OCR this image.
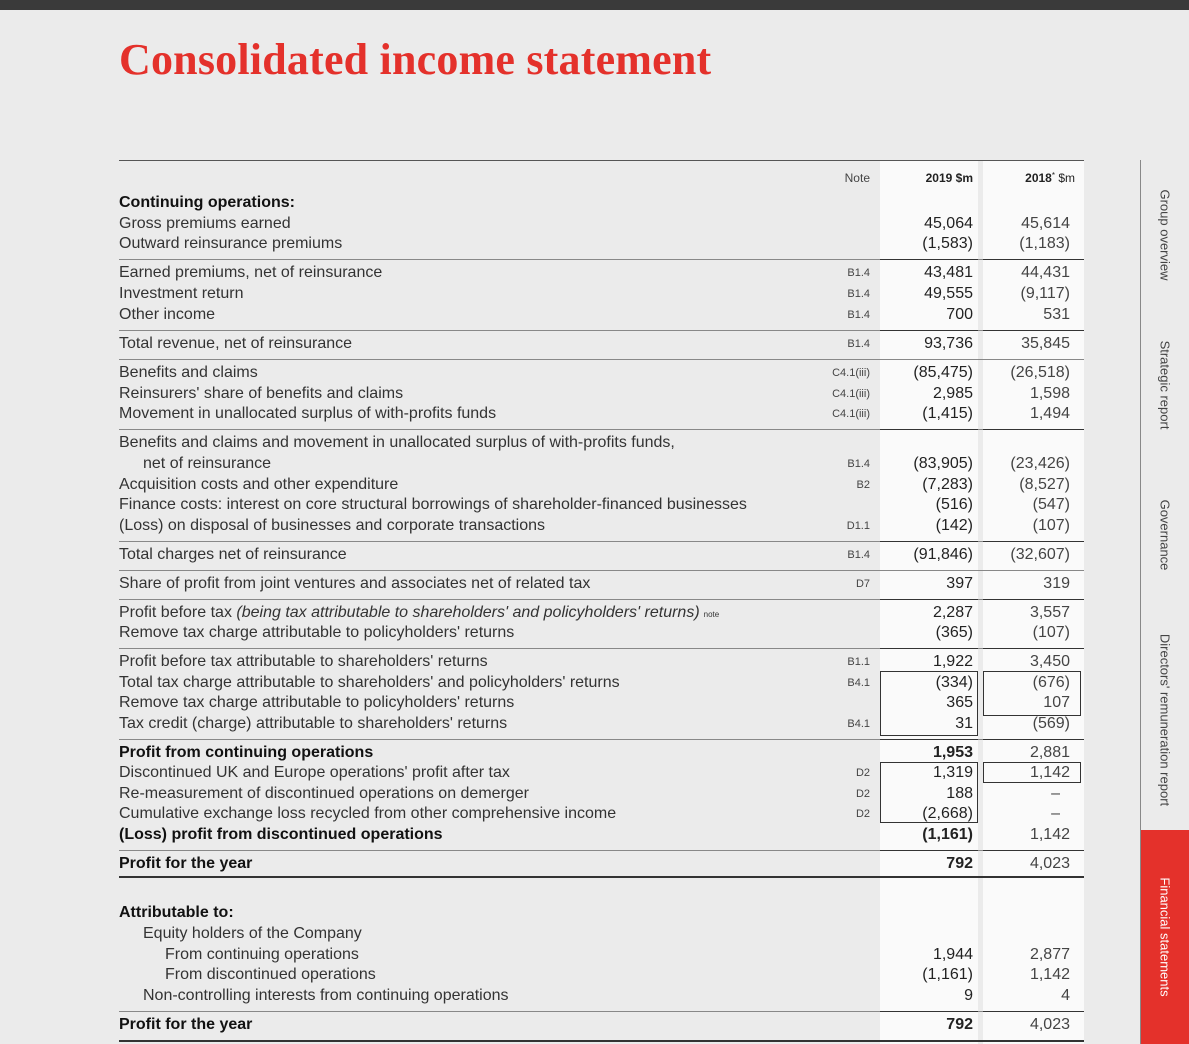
Consolidated income statement
Note	2019 $m	2018* $m
Continuing operations:
Gross premiums earned	45,064	45,614
Outward reinsurance premiums	(1,583)	(1,183)
Earned premiums, net of reinsurance	B1.4	43,481	44,431
Investment return	B1.4	49,555	(9,117)
Other income	B1.4	700	531
Total revenue, net of reinsurance	B1.4	93,736	35,845
Benefits and claims	C4.1(iii)	(85,475)	(26,518)
Reinsurers' share of benefits and claims	C4.1(iii)	2,985	1,598
Movement in unallocated surplus of with-profits funds	C4.1(iii)	(1,415)	1,494
Benefits and claims and movement in unallocated surplus of with-profits funds,
net of reinsurance	B1.4	(83,905)	(23,426)
Acquisition costs and other expenditure	B2	(7,283)	(8,527)
Finance costs: interest on core structural borrowings of shareholder-financed businesses	(516)	(547)
(Loss) on disposal of businesses and corporate transactions	D1.1	(142)	(107)
Total charges net of reinsurance	B1.4	(91,846)	(32,607)
Share of profit from joint ventures and associates net of related tax	D7	397	319
Profit before tax (being tax attributable to shareholders' and policyholders' returns) note	2,287	3,557
Remove tax charge attributable to policyholders' returns	(365)	(107)
Profit before tax attributable to shareholders' returns	B1.1	1,922	3,450
Total tax charge attributable to shareholders' and policyholders' returns	B4.1	(334)	(676)
Remove tax charge attributable to policyholders' returns	365	107
Tax credit (charge) attributable to shareholders' returns	B4.1	31	(569)
Profit from continuing operations	1,953	2,881
Discontinued UK and Europe operations' profit after tax	D2	1,319	1,142
Re-measurement of discontinued operations on demerger	D2	188	–
Cumulative exchange loss recycled from other comprehensive income	D2	(2,668)	–
(Loss) profit from discontinued operations	(1,161)	1,142
Profit for the year	792	4,023
Attributable to:
Equity holders of the Company
From continuing operations	1,944	2,877
From discontinued operations	(1,161)	1,142
Non-controlling interests from continuing operations	9	4
Profit for the year	792	4,023
Group overview
Strategic report
Governance
Directors' remuneration report
Financial statements
